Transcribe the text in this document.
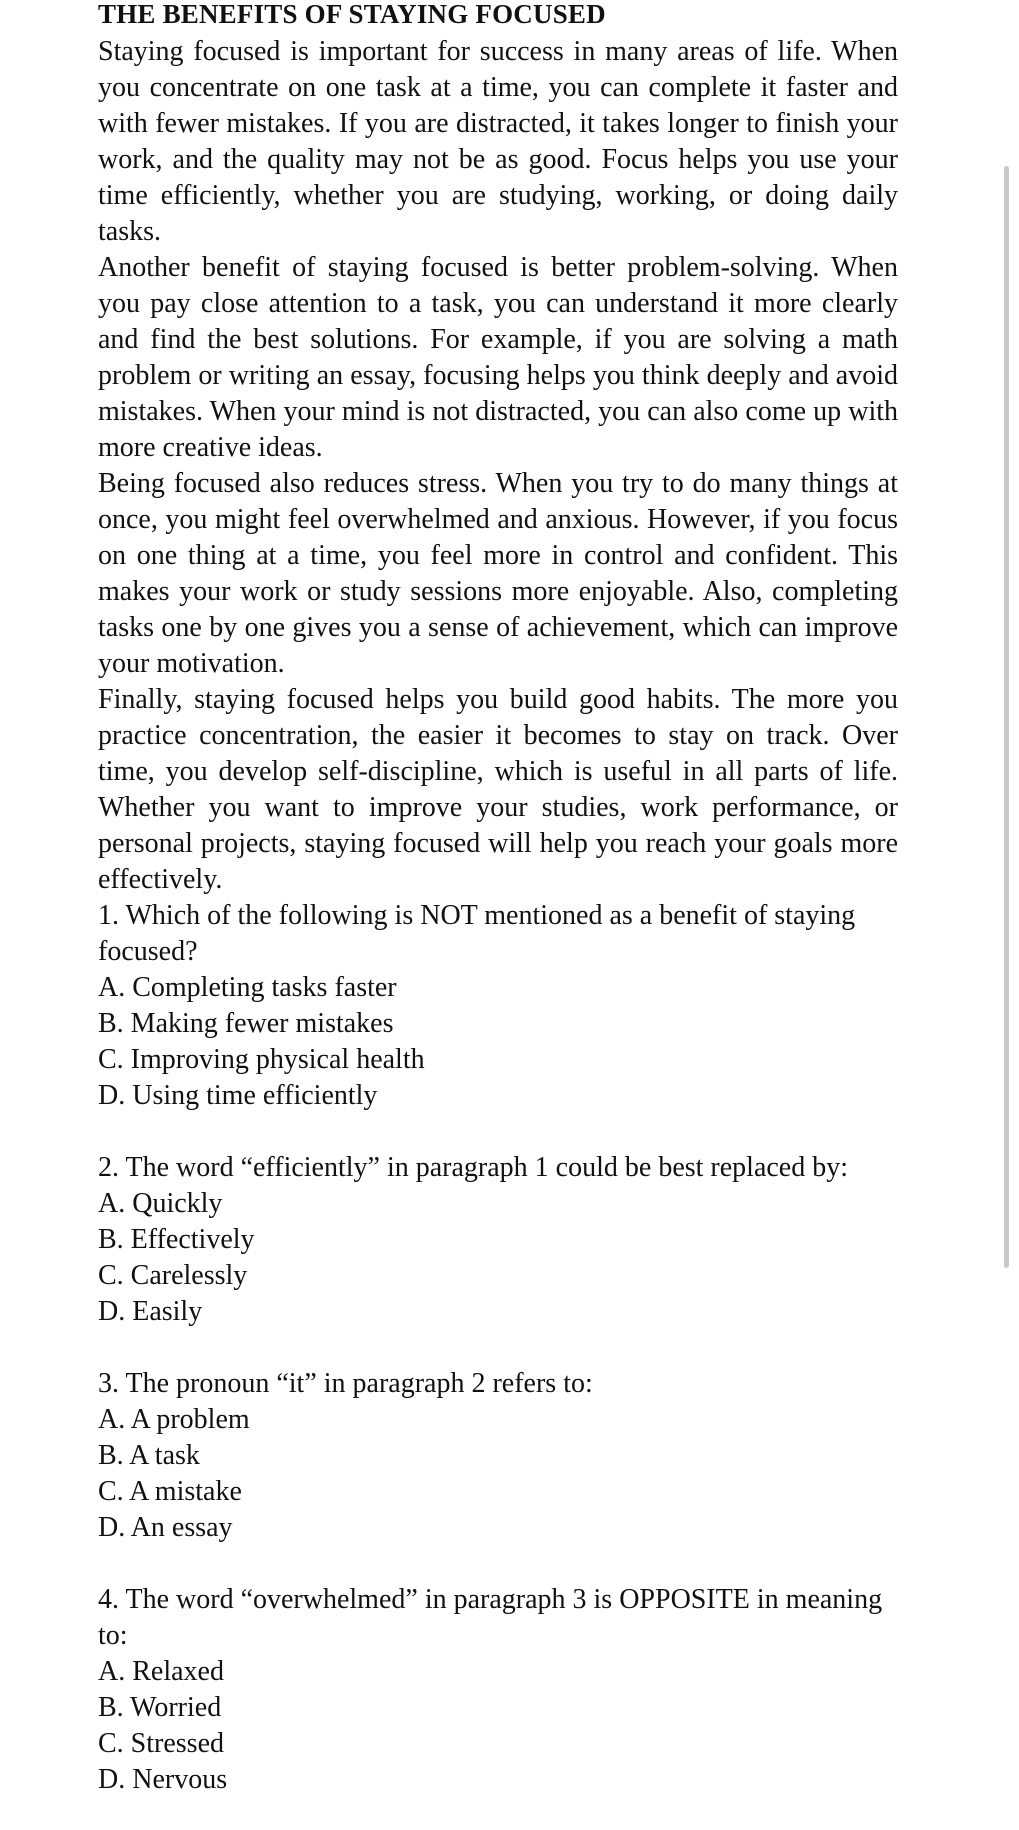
THE BENEFITS OF STAYING FOCUSED

Staying focused is important for success in many areas of life. When you concentrate on one task at a time, you can complete it faster and with fewer mistakes. If you are distracted, it takes longer to finish your work, and the quality may not be as good. Focus helps you use your time efficiently, whether you are studying, working, or doing daily tasks.

Another benefit of staying focused is better problem-solving. When you pay close attention to a task, you can understand it more clearly and find the best solutions. For example, if you are solving a math problem or writing an essay, focusing helps you think deeply and avoid mistakes. When your mind is not distracted, you can also come up with more creative ideas.

Being focused also reduces stress. When you try to do many things at once, you might feel overwhelmed and anxious. However, if you focus on one thing at a time, you feel more in control and confident. This makes your work or study sessions more enjoyable. Also, completing tasks one by one gives you a sense of achievement, which can improve your motivation.

Finally, staying focused helps you build good habits. The more you practice concentration, the easier it becomes to stay on track. Over time, you develop self-discipline, which is useful in all parts of life. Whether you want to improve your studies, work performance, or personal projects, staying focused will help you reach your goals more effectively.

1. Which of the following is NOT mentioned as a benefit of staying focused?

A. Completing tasks faster

B. Making fewer mistakes

C. Improving physical health

D. Using time efficiently

2. The word “efficiently” in paragraph 1 could be best replaced by:

A. Quickly

B. Effectively

C. Carelessly

D. Easily

3. The pronoun “it” in paragraph 2 refers to:

A. A problem

B. A task

C. A mistake

D. An essay

4. The word “overwhelmed” in paragraph 3 is OPPOSITE in meaning to:

A. Relaxed

B. Worried

C. Stressed

D. Nervous
